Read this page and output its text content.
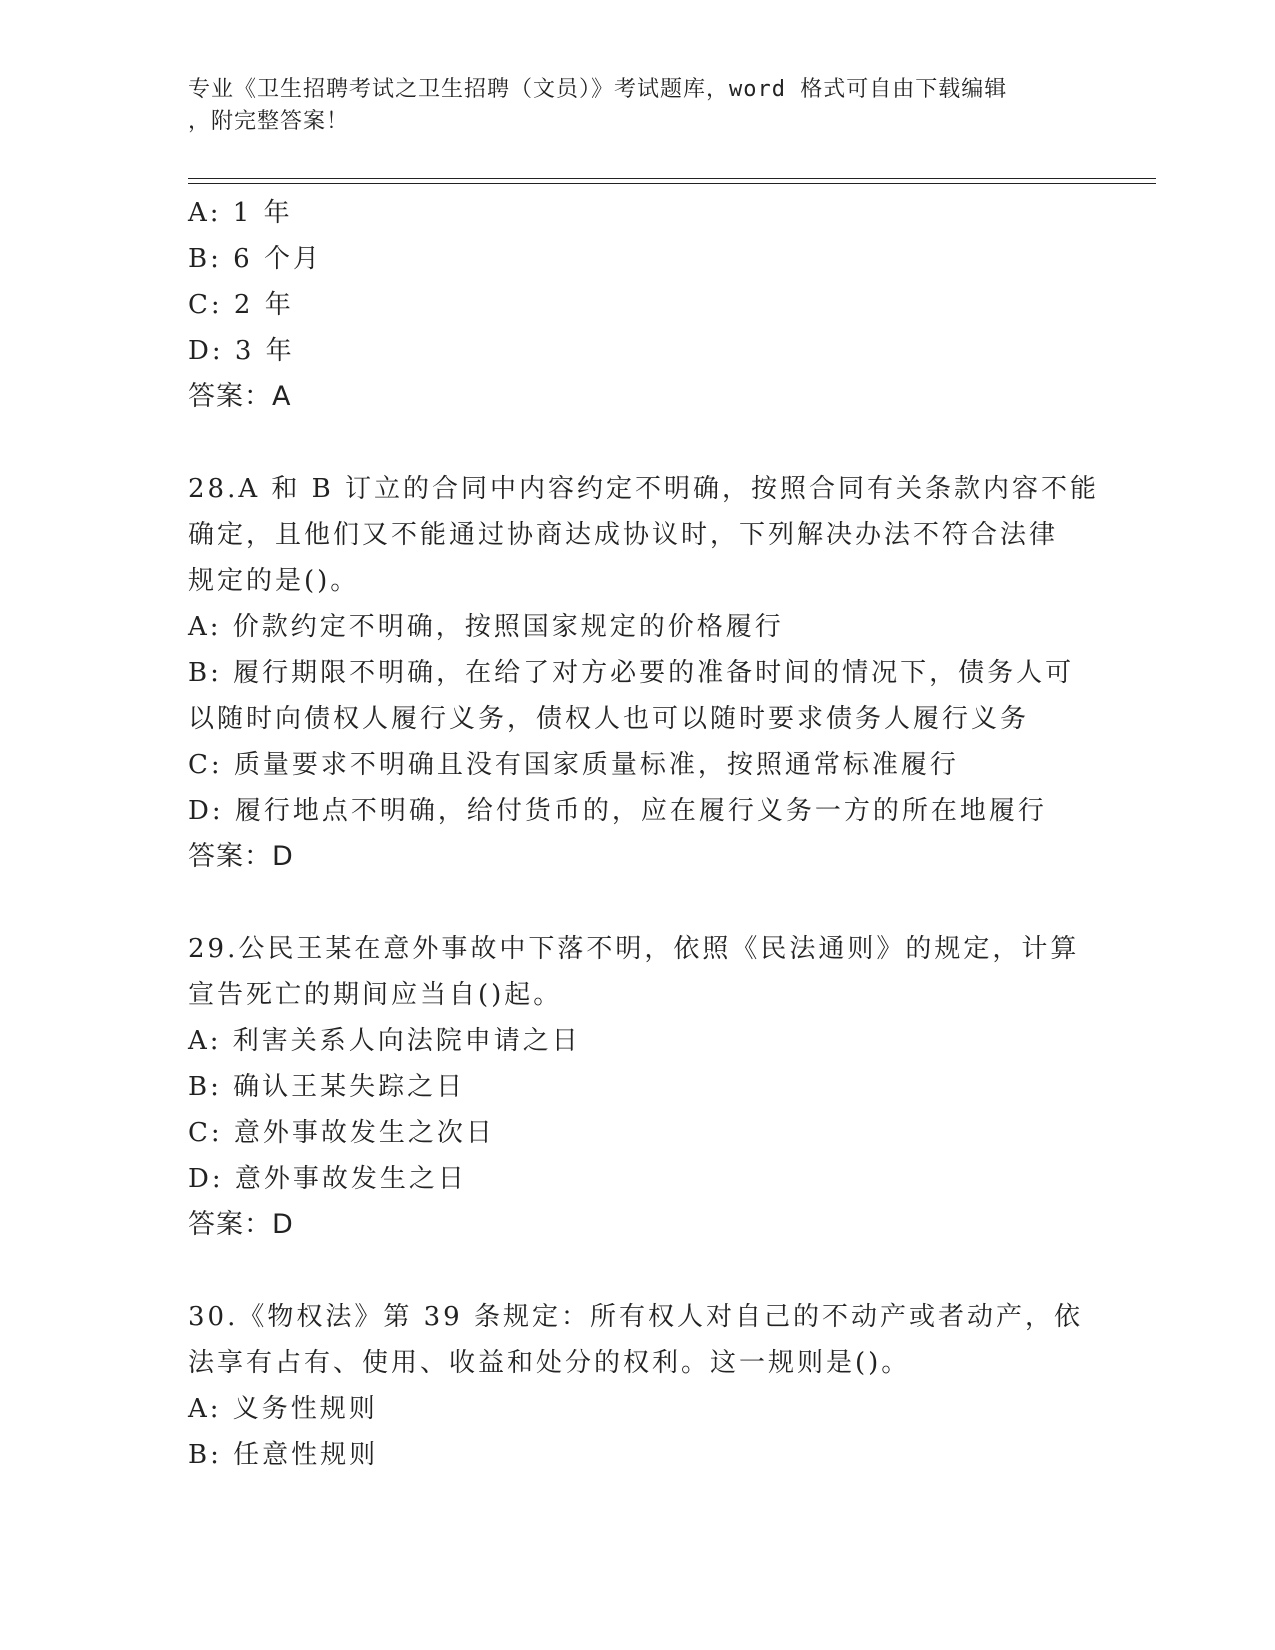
专业《卫生招聘考试之卫生招聘（文员）》考试题库，word 格式可自由下载编辑
，附完整答案！

A: 1 年

B: 6 个月

C: 2 年

D: 3 年

答案：A

28.A 和 B 订立的合同中内容约定不明确，按照合同有关条款内容不能

确定，且他们又不能通过协商达成协议时，下列解决办法不符合法律

规定的是()。

A: 价款约定不明确，按照国家规定的价格履行

B: 履行期限不明确，在给了对方必要的准备时间的情况下，债务人可

以随时向债权人履行义务，债权人也可以随时要求债务人履行义务

C: 质量要求不明确且没有国家质量标准，按照通常标准履行

D: 履行地点不明确，给付货币的，应在履行义务一方的所在地履行

答案：D

29.公民王某在意外事故中下落不明，依照《民法通则》的规定，计算

宣告死亡的期间应当自()起。

A: 利害关系人向法院申请之日

B: 确认王某失踪之日

C: 意外事故发生之次日

D: 意外事故发生之日

答案：D

30.《物权法》第 39 条规定：所有权人对自己的不动产或者动产，依

法享有占有、使用、收益和处分的权利。这一规则是()。

A: 义务性规则

B: 任意性规则
